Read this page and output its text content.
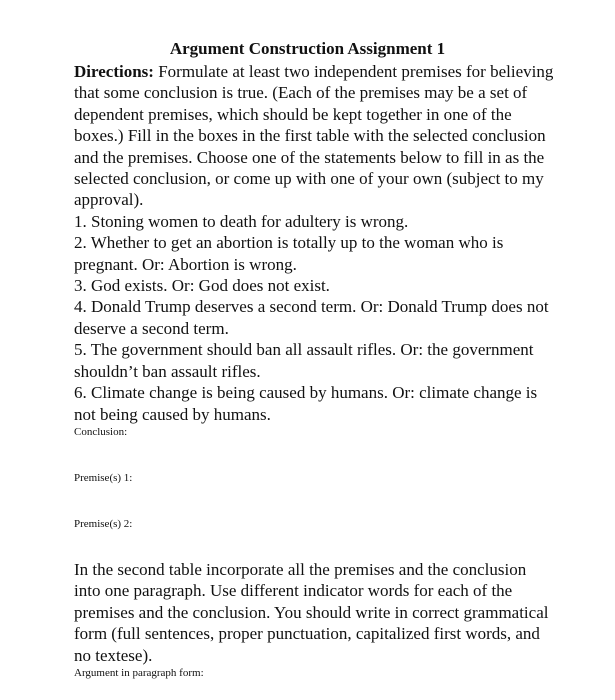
Argument Construction Assignment 1

Directions: Formulate at least two independent premises for believing that some conclusion is true. (Each of the premises may be a set of dependent premises, which should be kept together in one of the boxes.) Fill in the boxes in the first table with the selected conclusion and the premises. Choose one of the statements below to fill in as the selected conclusion, or come up with one of your own (subject to my approval).

1. Stoning women to death for adultery is wrong.

2. Whether to get an abortion is totally up to the woman who is pregnant. Or: Abortion is wrong.

3. God exists. Or: God does not exist.

4. Donald Trump deserves a second term. Or: Donald Trump does not deserve a second term.

5. The government should ban all assault rifles. Or: the government shouldn’t ban assault rifles.

6. Climate change is being caused by humans. Or: climate change is not being caused by humans.

Conclusion:

Premise(s) 1:

Premise(s) 2:

In the second table incorporate all the premises and the conclusion into one paragraph. Use different indicator words for each of the premises and the conclusion. You should write in correct grammatical form (full sentences, proper punctuation, capitalized first words, and no textese).

Argument in paragraph form:
